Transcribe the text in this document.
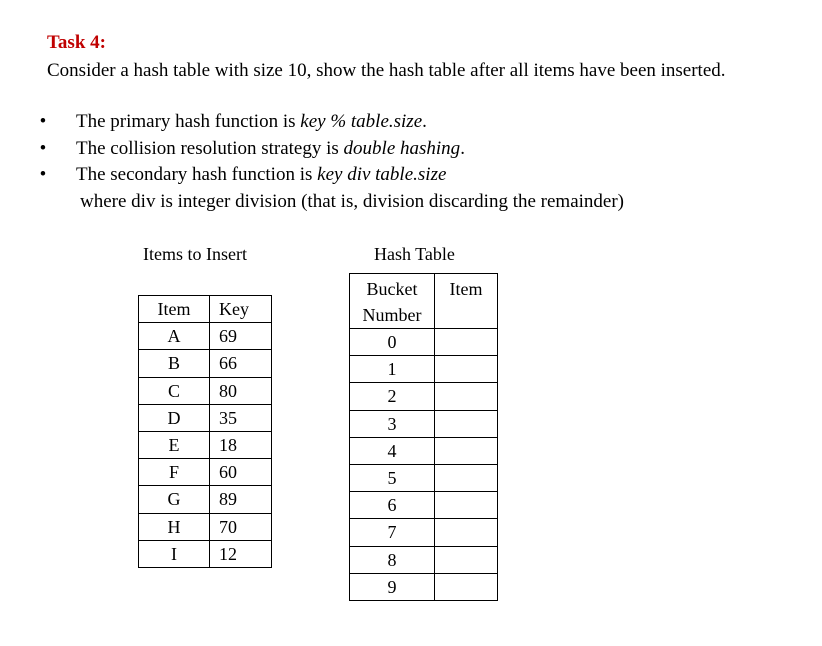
Task 4:
Consider a hash table with size 10, show the hash table after all items have been inserted.
• The primary hash function is key % table.size.
• The collision resolution strategy is double hashing.
• The secondary hash function is key div table.size
where div is integer division (that is, division discarding the remainder)
Items to Insert	Hash Table
Item	Key
A	69
B	66
C	80
D	35
E	18
F	60
G	89
H	70
I	12
Bucket
Number	Item
0	
1	
2	
3	
4	
5	
6	
7	
8	
9	
